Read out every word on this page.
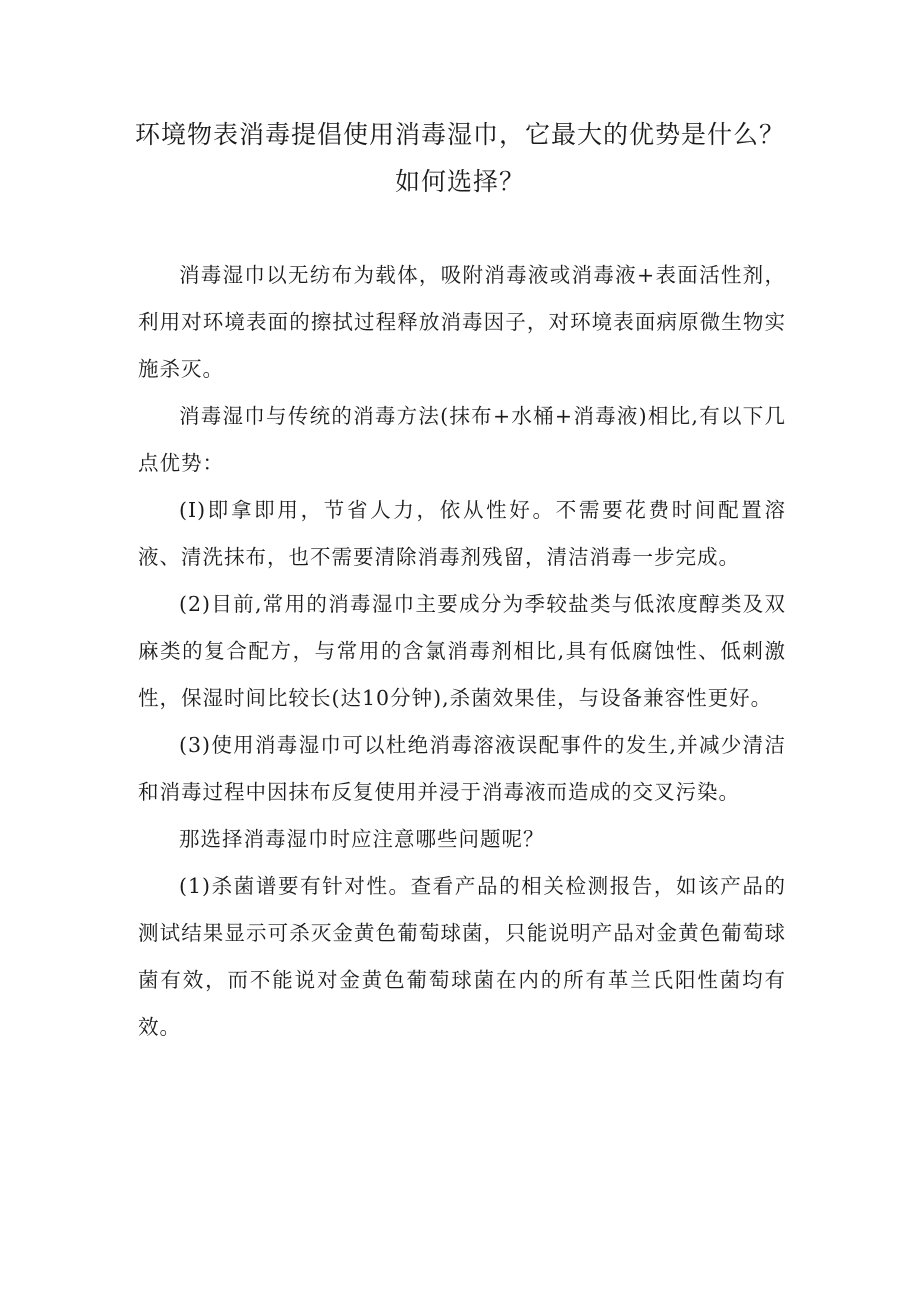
环境物表消毒提倡使用消毒湿巾，它最大的优势是什么？如何选择？

消毒湿巾以无纺布为载体，吸附消毒液或消毒液+表面活性剂，利用对环境表面的擦拭过程释放消毒因子，对环境表面病原微生物实施杀灭。

消毒湿巾与传统的消毒方法(抹布+水桶+消毒液)相比,有以下几点优势：

(I)即拿即用，节省人力，依从性好。不需要花费时间配置溶液、清洗抹布，也不需要清除消毒剂残留，清洁消毒一步完成。

(2)目前,常用的消毒湿巾主要成分为季较盐类与低浓度醇类及双麻类的复合配方，与常用的含氯消毒剂相比,具有低腐蚀性、低刺激性，保湿时间比较长(达10分钟),杀菌效果佳，与设备兼容性更好。

(3)使用消毒湿巾可以杜绝消毒溶液误配事件的发生,并减少清洁和消毒过程中因抹布反复使用并浸于消毒液而造成的交叉污染。

那选择消毒湿巾时应注意哪些问题呢？

(1)杀菌谱要有针对性。查看产品的相关检测报告，如该产品的测试结果显示可杀灭金黄色葡萄球菌，只能说明产品对金黄色葡萄球菌有效，而不能说对金黄色葡萄球菌在内的所有革兰氏阳性菌均有效。
